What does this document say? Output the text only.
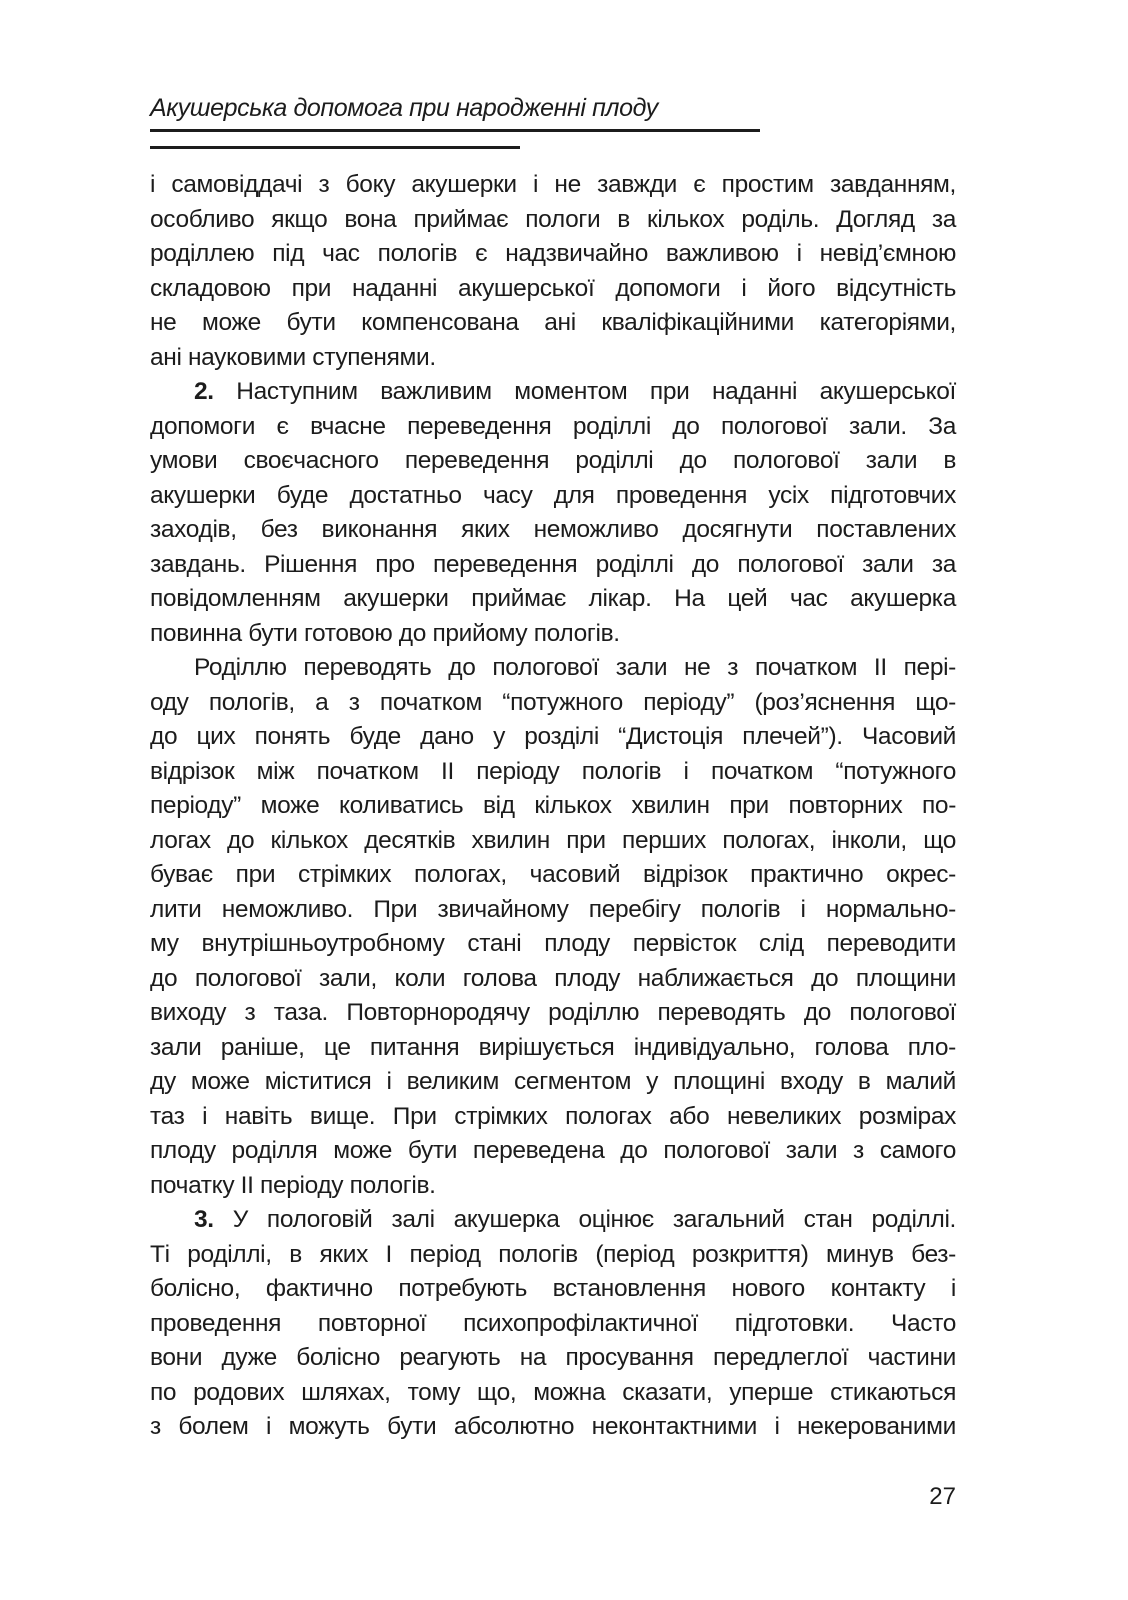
Акушерська допомога при народженні плоду

і самовіддачі з боку акушерки і не завжди є простим завданням,
особливо якщо вона приймає пологи в кількох роділь. Догляд за
роділлею під час пологів є надзвичайно важливою і невід’ємною
складовою при наданні акушерської допомоги і його відсутність
не може бути компенсована ані кваліфікаційними категоріями,
ані науковими ступенями.

2. Наступним важливим моментом при наданні акушерської
допомоги є вчасне переведення роділлі до пологової зали. За
умови своєчасного переведення роділлі до пологової зали в
акушерки буде достатньо часу для проведення усіх підготовчих
заходів, без виконання яких неможливо досягнути поставлених
завдань. Рішення про переведення роділлі до пологової зали за
повідомленням акушерки приймає лікар. На цей час акушерка
повинна бути готовою до прийому пологів.

Роділлю переводять до пологової зали не з початком II пері-
оду пологів, а з початком “потужного періоду” (роз’яснення що-
до цих понять буде дано у розділі “Дистоція плечей”). Часовий
відрізок між початком II періоду пологів і початком “потужного
періоду” може коливатись від кількох хвилин при повторних по-
логах до кількох десятків хвилин при перших пологах, інколи, що
буває при стрімких пологах, часовий відрізок практично окрес-
лити неможливо. При звичайному перебігу пологів і нормально-
му внутрішньоутробному стані плоду первісток слід переводити
до пологової зали, коли голова плоду наближається до площини
виходу з таза. Повторнородячу роділлю переводять до пологової
зали раніше, це питання вирішується індивідуально, голова пло-
ду може міститися і великим сегментом у площині входу в малий
таз і навіть вище. При стрімких пологах або невеликих розмірах
плоду роділля може бути переведена до пологової зали з самого
початку II періоду пологів.

3. У пологовій залі акушерка оцінює загальний стан роділлі.
Ті роділлі, в яких I період пологів (період розкриття) минув без-
болісно, фактично потребують встановлення нового контакту і
проведення повторної психопрофілактичної підготовки. Часто
вони дуже болісно реагують на просування передлеглої частини
по родових шляхах, тому що, можна сказати, уперше стикаються
з болем і можуть бути абсолютно неконтактними і некерованими

27
